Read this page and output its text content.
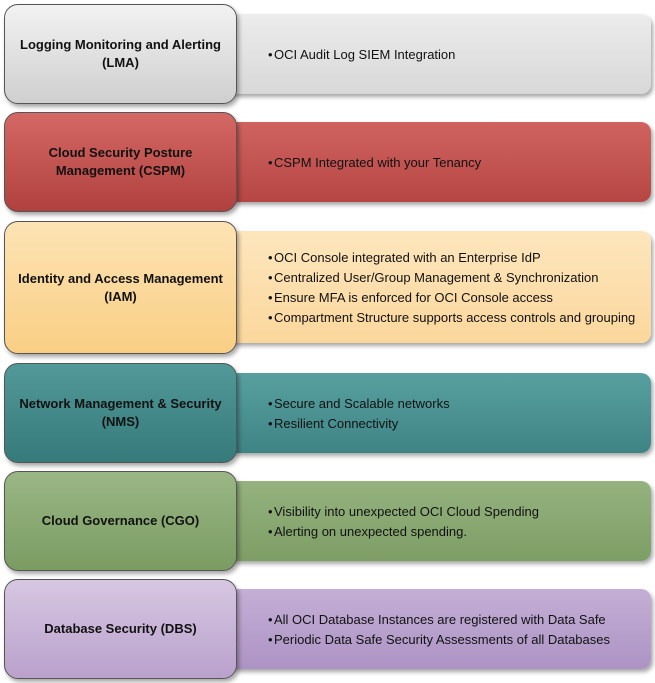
• OCI Audit Log SIEM Integration
Logging Monitoring and Alerting (LMA)
• CSPM Integrated with your Tenancy
Cloud Security Posture Management (CSPM)
• OCI Console integrated with an Enterprise IdP
• Centralized User/Group Management & Synchronization
• Ensure MFA is enforced for OCI Console access
• Compartment Structure supports access controls and grouping
Identity and Access Management (IAM)
• Secure and Scalable networks
• Resilient Connectivity
Network Management & Security (NMS)
• Visibility into unexpected OCI Cloud Spending
• Alerting on unexpected spending.
Cloud Governance (CGO)
• All OCI Database Instances are registered with Data Safe
• Periodic Data Safe Security Assessments of all Databases
Database Security (DBS)
